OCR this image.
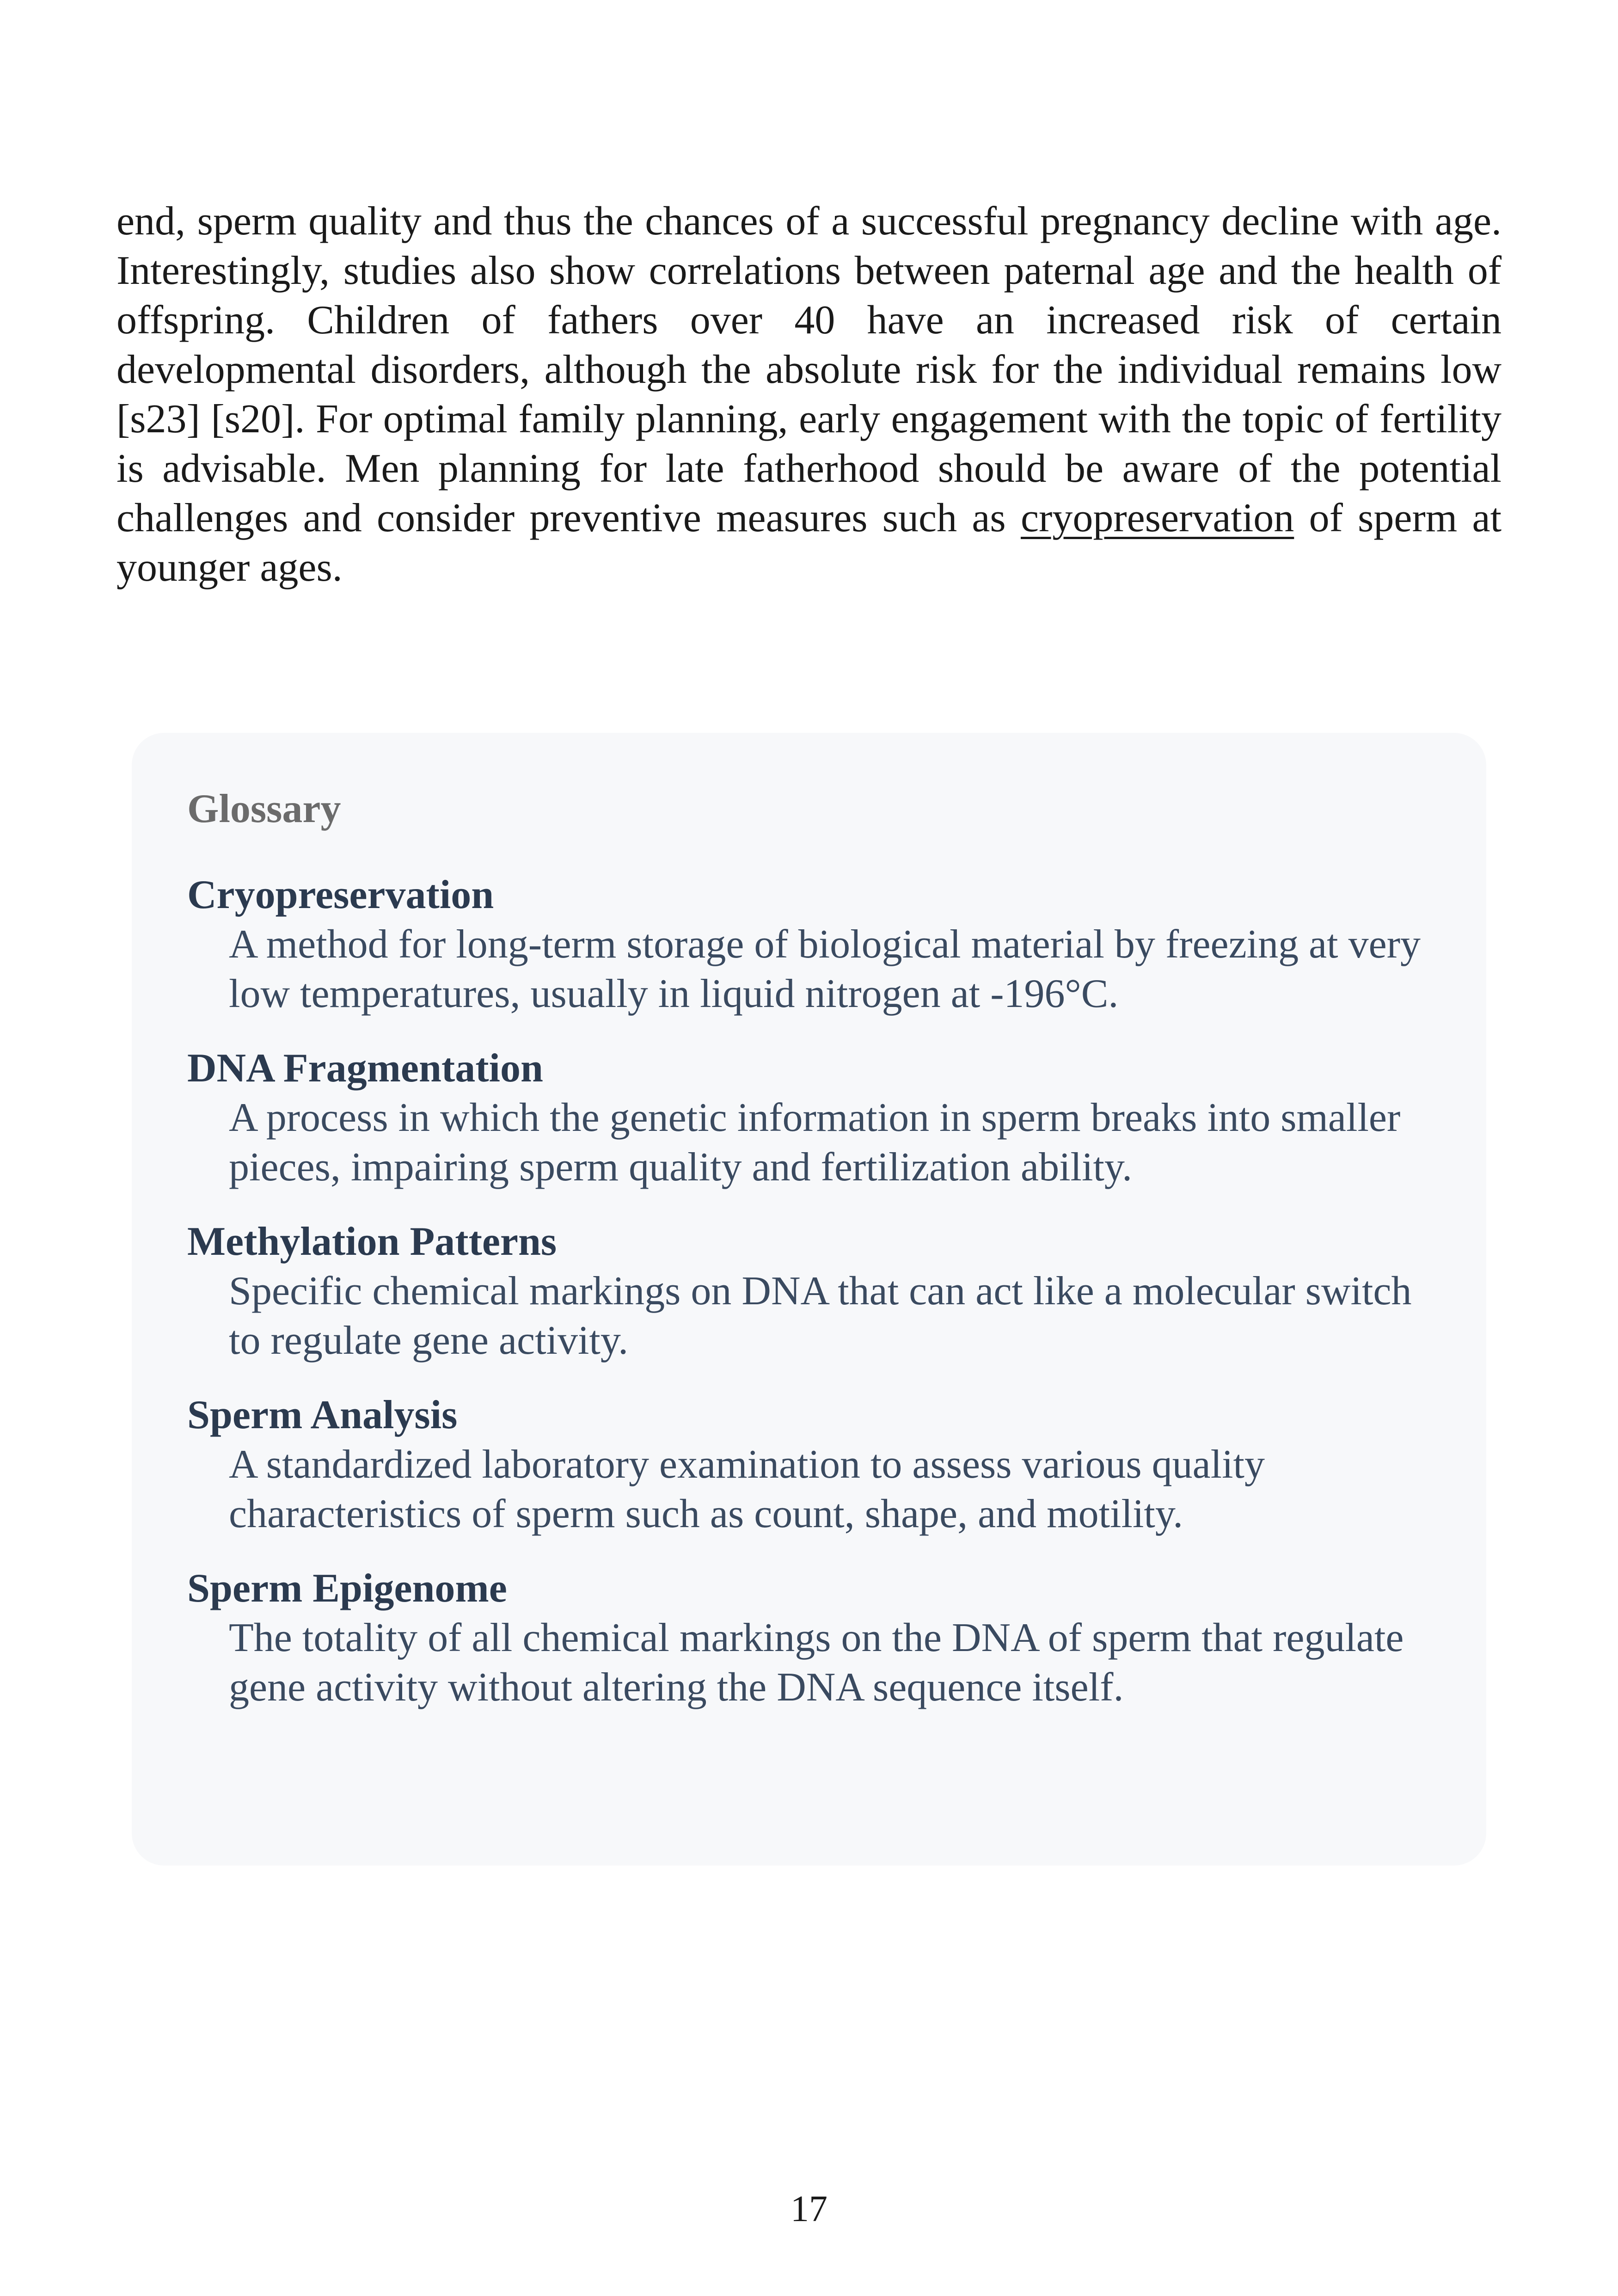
end, sperm quality and thus the chances of a successful pregnancy decline with age. Interestingly, studies also show correlations between paternal age and the health of offspring. Children of fathers over 40 have an increased risk of certain developmental disorders, although the absolute risk for the individual remains low [s23] [s20]. For optimal family planning, early engagement with the topic of fertility is advisable. Men planning for late fatherhood should be aware of the potential challenges and consider preventive measures such as cryopreservation of sperm at younger ages.

Glossary

Cryopreservation

A method for long-term storage of biological material by freezing at very low temperatures, usually in liquid nitrogen at -196°C.

DNA Fragmentation

A process in which the genetic information in sperm breaks into smaller pieces, impairing sperm quality and fertilization ability.

Methylation Patterns

Specific chemical markings on DNA that can act like a molecular switch to regulate gene activity.

Sperm Analysis

A standardized laboratory examination to assess various quality characteristics of sperm such as count, shape, and motility.

Sperm Epigenome

The totality of all chemical markings on the DNA of sperm that regulate gene activity without altering the DNA sequence itself.

17
